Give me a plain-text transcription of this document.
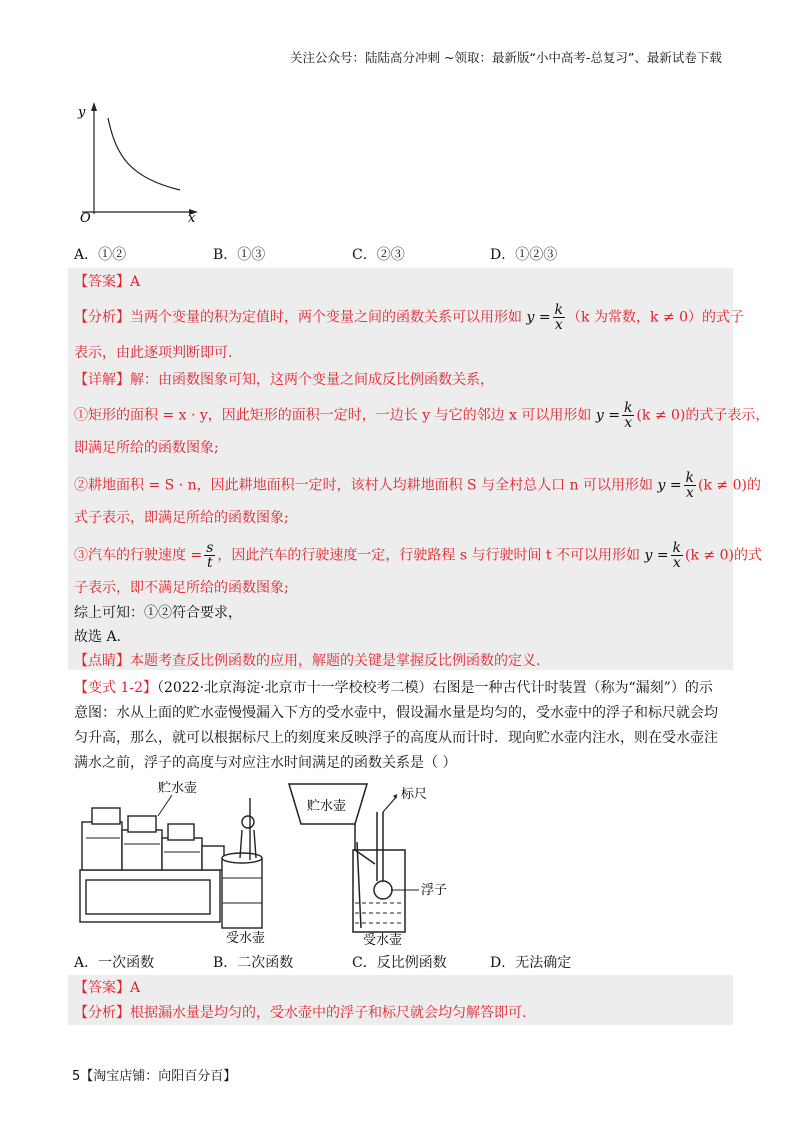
关注公众号：陆陆高分冲刺 ~领取：最新版“小中高考-总复习”、最新试卷下载
y
x
O
A．①②	B．①③	C．②③	D．①②③
【答案】A
【分析】当两个变量的积为定值时，两个变量之间的函数关系可以用形如 $y = \frac{k}{x} (k$ 为常数，k ≠ 0）的式子
表示，由此逐项判断即可.
【详解】解：由函数图象可知，这两个变量之间成反比例函数关系，
①矩形的面积 = x · y，因此矩形的面积一定时，一边长 y 与它的邻边 x 可以用形如 $y = \frac{k}{x} (k \ne 0)$的式子表示，
即满足所给的函数图象;
②耕地面积 = S · n，因此耕地面积一定时，该村人均耕地面积 S 与全村总人口 n 可以用形如 $y = \frac{k}{x} (k \ne 0)$的
式子表示，即满足所给的函数图象;
③汽车的行驶速度 = $\frac{s}{t}$ ，因此汽车的行驶速度一定，行驶路程 s 与行驶时间 t 不可以用形如 $y = \frac{k}{x} (k \ne 0)$的式
子表示，即不满足所给的函数图象;
综上可知：①②符合要求，
故选 A.
【点睛】本题考查反比例函数的应用，解题的关键是掌握反比例函数的定义.
【变式 1-2】（2022·北京海淀·北京市十一学校校考二模）右图是一种古代计时装置（称为“漏刻”）的示
意图：水从上面的贮水壶慢慢漏入下方的受水壶中，假设漏水量是均匀的，受水壶中的浮子和标尺就会均
匀升高，那么，就可以根据标尺上的刻度来反映浮子的高度从而计时．现向贮水壶内注水，则在受水壶注
满水之前，浮子的高度与对应注水时间满足的函数关系是（ ）
贮水壶
受水壶
贮水壶
标尺
浮子
受水壶
A．一次函数	B．二次函数	C．反比例函数	D．无法确定
【答案】A
【分析】根据漏水量是均匀的，受水壶中的浮子和标尺就会均匀解答即可.
5【淘宝店铺：向阳百分百】
